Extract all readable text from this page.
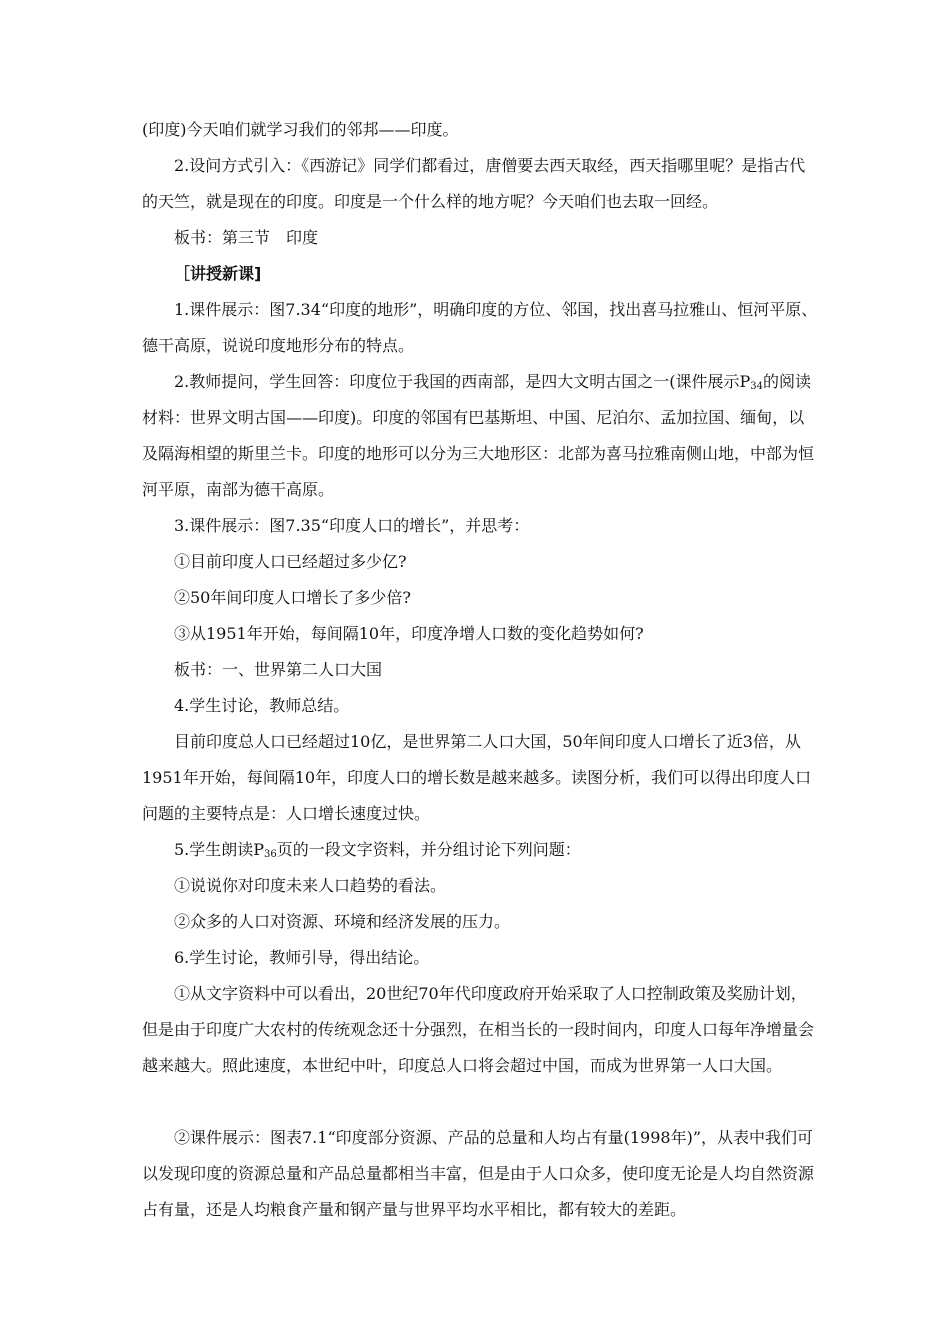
(印度)今天咱们就学习我们的邻邦——印度。

2.设问方式引入：《西游记》同学们都看过，唐僧要去西天取经，西天指哪里呢？是指古代的天竺，就是现在的印度。印度是一个什么样的地方呢？今天咱们也去取一回经。

板书：第三节　印度

［讲授新课]

1.课件展示：图7.34“印度的地形”，明确印度的方位、邻国，找出喜马拉雅山、恒河平原、德干高原，说说印度地形分布的特点。

2.教师提问，学生回答：印度位于我国的西南部，是四大文明古国之一(课件展示$P_{34}$的阅读材料：世界文明古国——印度)。印度的邻国有巴基斯坦、中国、尼泊尔、孟加拉国、缅甸，以及隔海相望的斯里兰卡。印度的地形可以分为三大地形区：北部为喜马拉雅南侧山地，中部为恒河平原，南部为德干高原。

3.课件展示：图7.35“印度人口的增长”，并思考：

①目前印度人口已经超过多少亿?

②50年间印度人口增长了多少倍?

③从1951年开始，每间隔10年，印度净增人口数的变化趋势如何?

板书：一、世界第二人口大国

4.学生讨论，教师总结。

目前印度总人口已经超过10亿，是世界第二人口大国，50年间印度人口增长了近3倍，从1951年开始，每间隔10年，印度人口的增长数是越来越多。读图分析，我们可以得出印度人口问题的主要特点是：人口增长速度过快。

5.学生朗读$P_{36}$页的一段文字资料，并分组讨论下列问题：

①说说你对印度未来人口趋势的看法。

②众多的人口对资源、环境和经济发展的压力。

6.学生讨论，教师引导，得出结论。

①从文字资料中可以看出，20世纪70年代印度政府开始采取了人口控制政策及奖励计划，但是由于印度广大农村的传统观念还十分强烈，在相当长的一段时间内，印度人口每年净增量会越来越大。照此速度，本世纪中叶，印度总人口将会超过中国，而成为世界第一人口大国。

②课件展示：图表7.1“印度部分资源、产品的总量和人均占有量(1998年)”，从表中我们可以发现印度的资源总量和产品总量都相当丰富，但是由于人口众多，使印度无论是人均自然资源占有量，还是人均粮食产量和钢产量与世界平均水平相比，都有较大的差距。
